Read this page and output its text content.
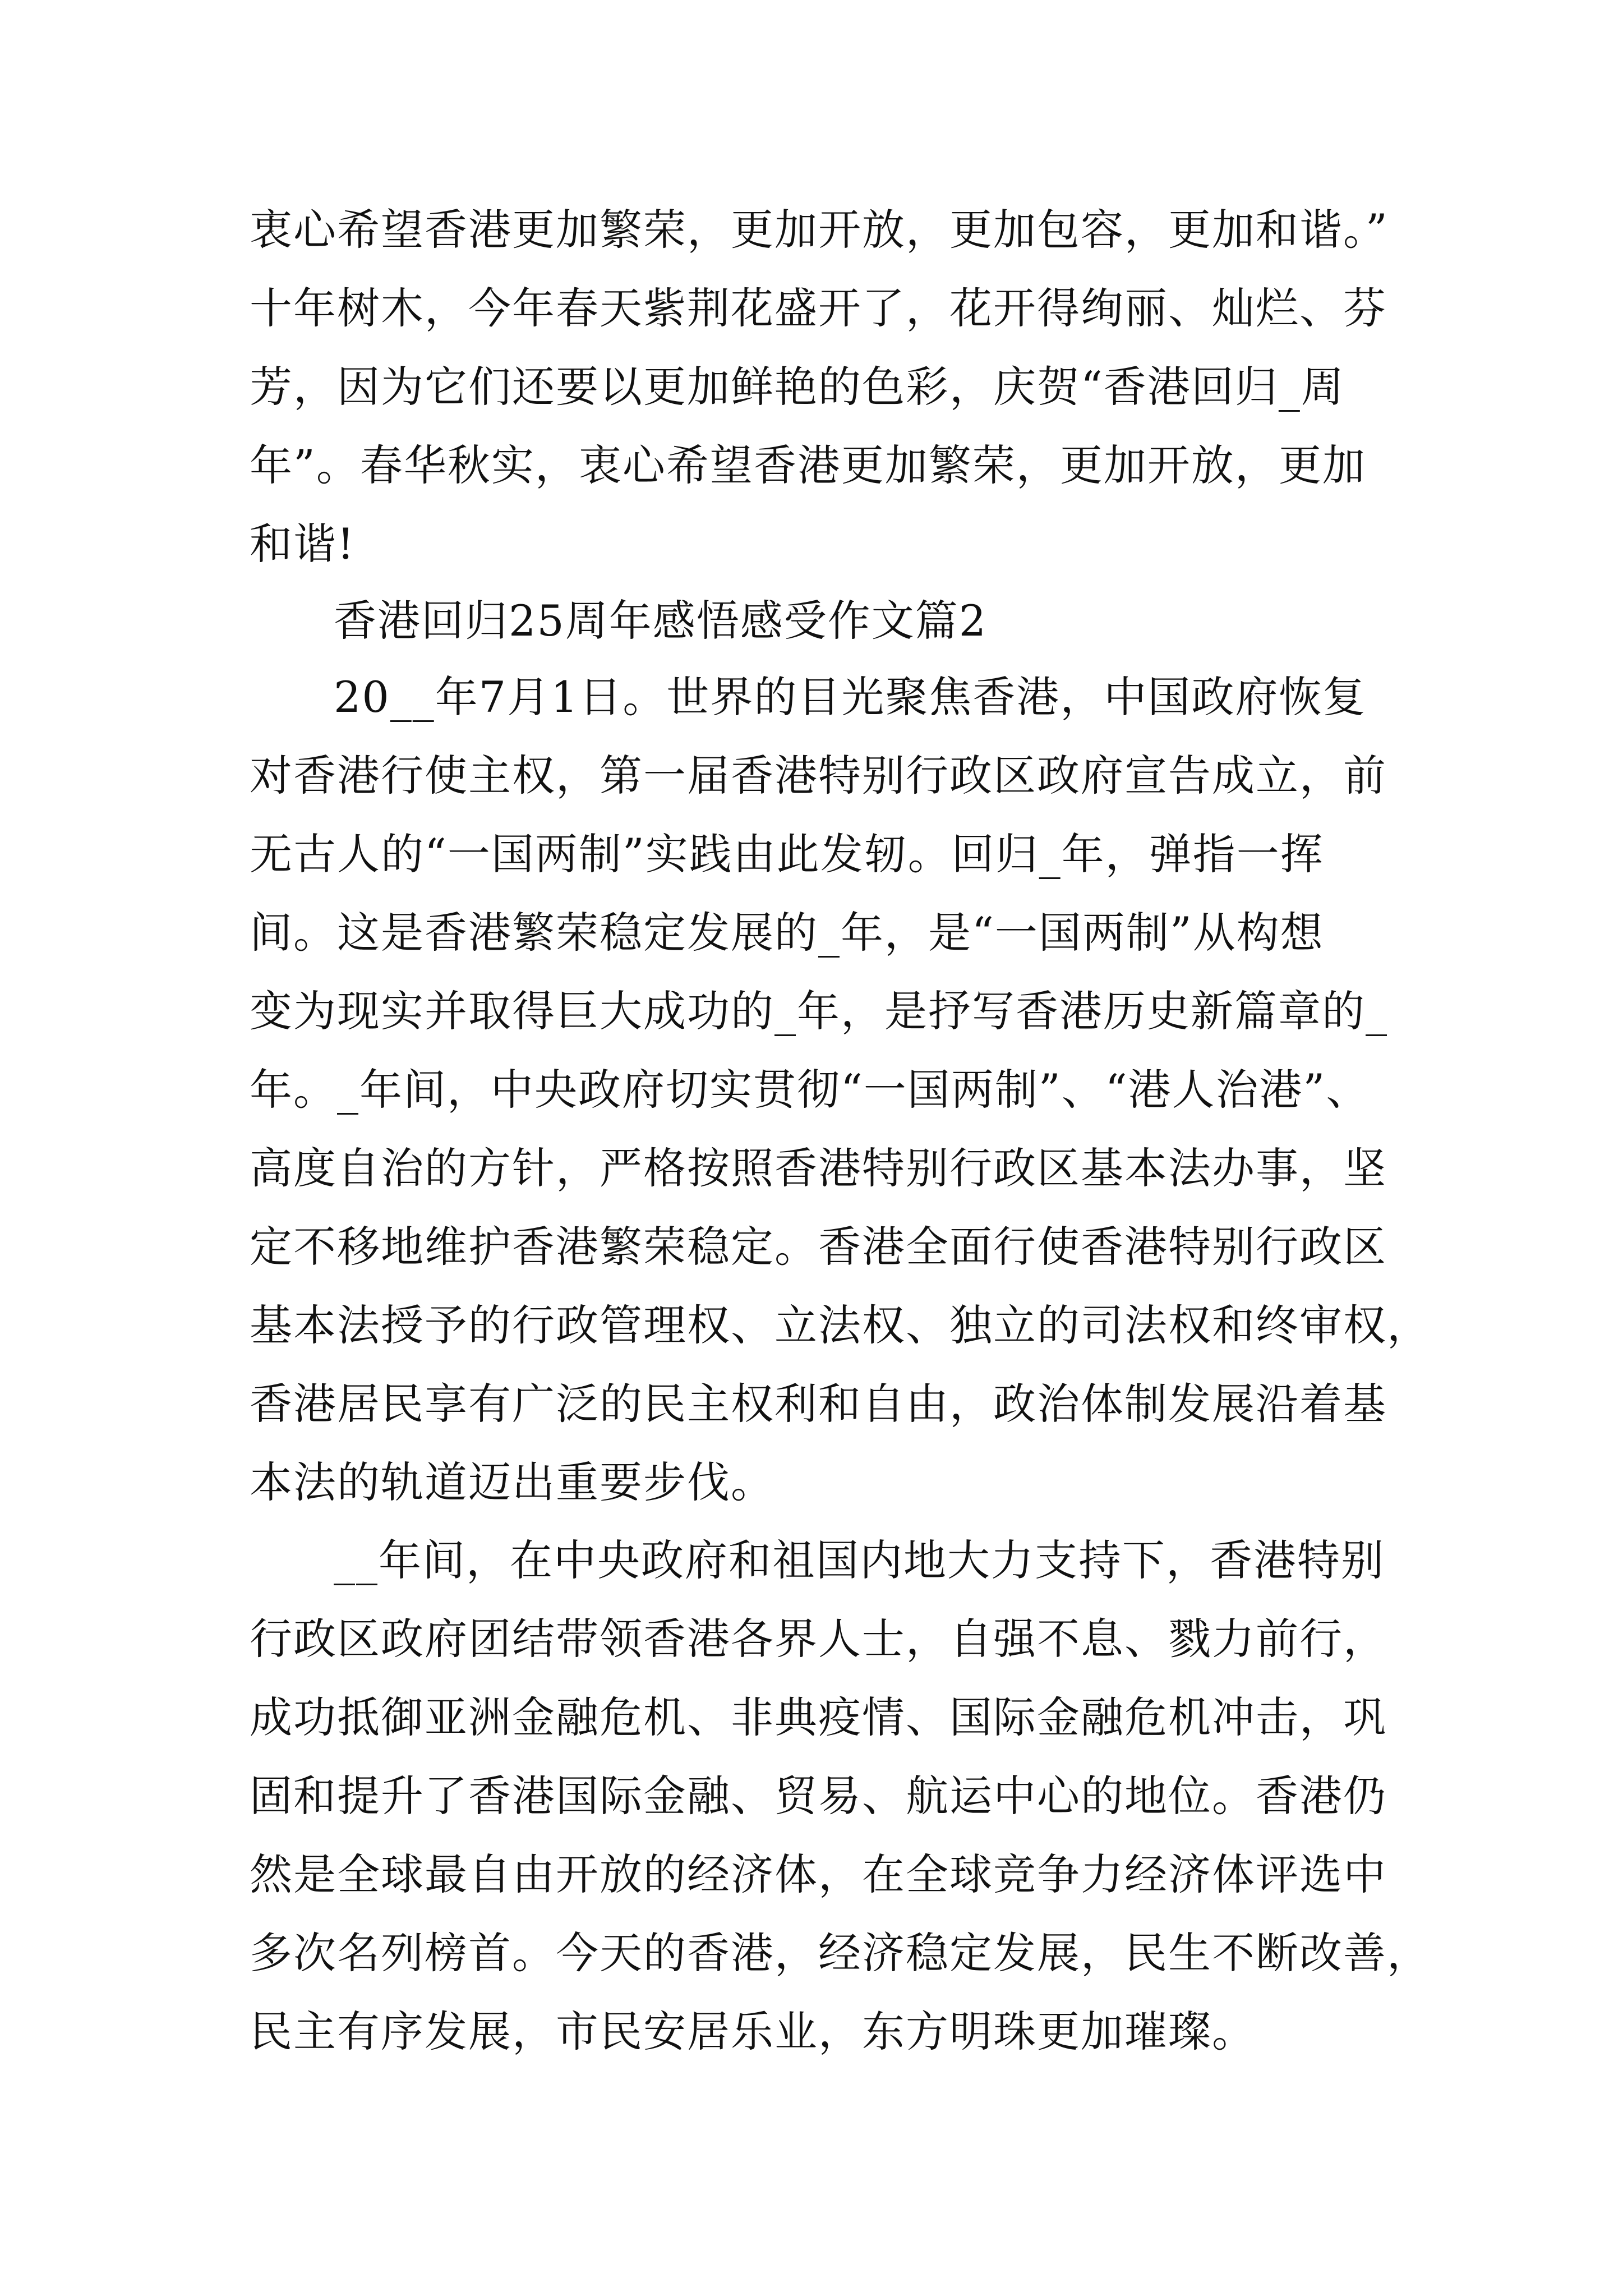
衷心希望香港更加繁荣，更加开放，更加包容，更加和谐。”

十年树木，今年春天紫荆花盛开了，花开得绚丽、灿烂、芬

芳，因为它们还要以更加鲜艳的色彩，庆贺“香港回归_周

年”。春华秋实，衷心希望香港更加繁荣，更加开放，更加

和谐!

香港回归25周年感悟感受作文篇2

20__年7月1日。世界的目光聚焦香港，中国政府恢复

对香港行使主权，第一届香港特别行政区政府宣告成立，前

无古人的“一国两制”实践由此发轫。回归_年，弹指一挥

间。这是香港繁荣稳定发展的_年，是“一国两制”从构想

变为现实并取得巨大成功的_年，是抒写香港历史新篇章的_

年。_年间，中央政府切实贯彻“一国两制”、“港人治港”、

高度自治的方针，严格按照香港特别行政区基本法办事，坚

定不移地维护香港繁荣稳定。香港全面行使香港特别行政区

基本法授予的行政管理权、立法权、独立的司法权和终审权，

香港居民享有广泛的民主权利和自由，政治体制发展沿着基

本法的轨道迈出重要步伐。

__年间，在中央政府和祖国内地大力支持下，香港特别

行政区政府团结带领香港各界人士，自强不息、戮力前行，

成功抵御亚洲金融危机、非典疫情、国际金融危机冲击，巩

固和提升了香港国际金融、贸易、航运中心的地位。香港仍

然是全球最自由开放的经济体，在全球竞争力经济体评选中

多次名列榜首。今天的香港，经济稳定发展，民生不断改善，

民主有序发展，市民安居乐业，东方明珠更加璀璨。
